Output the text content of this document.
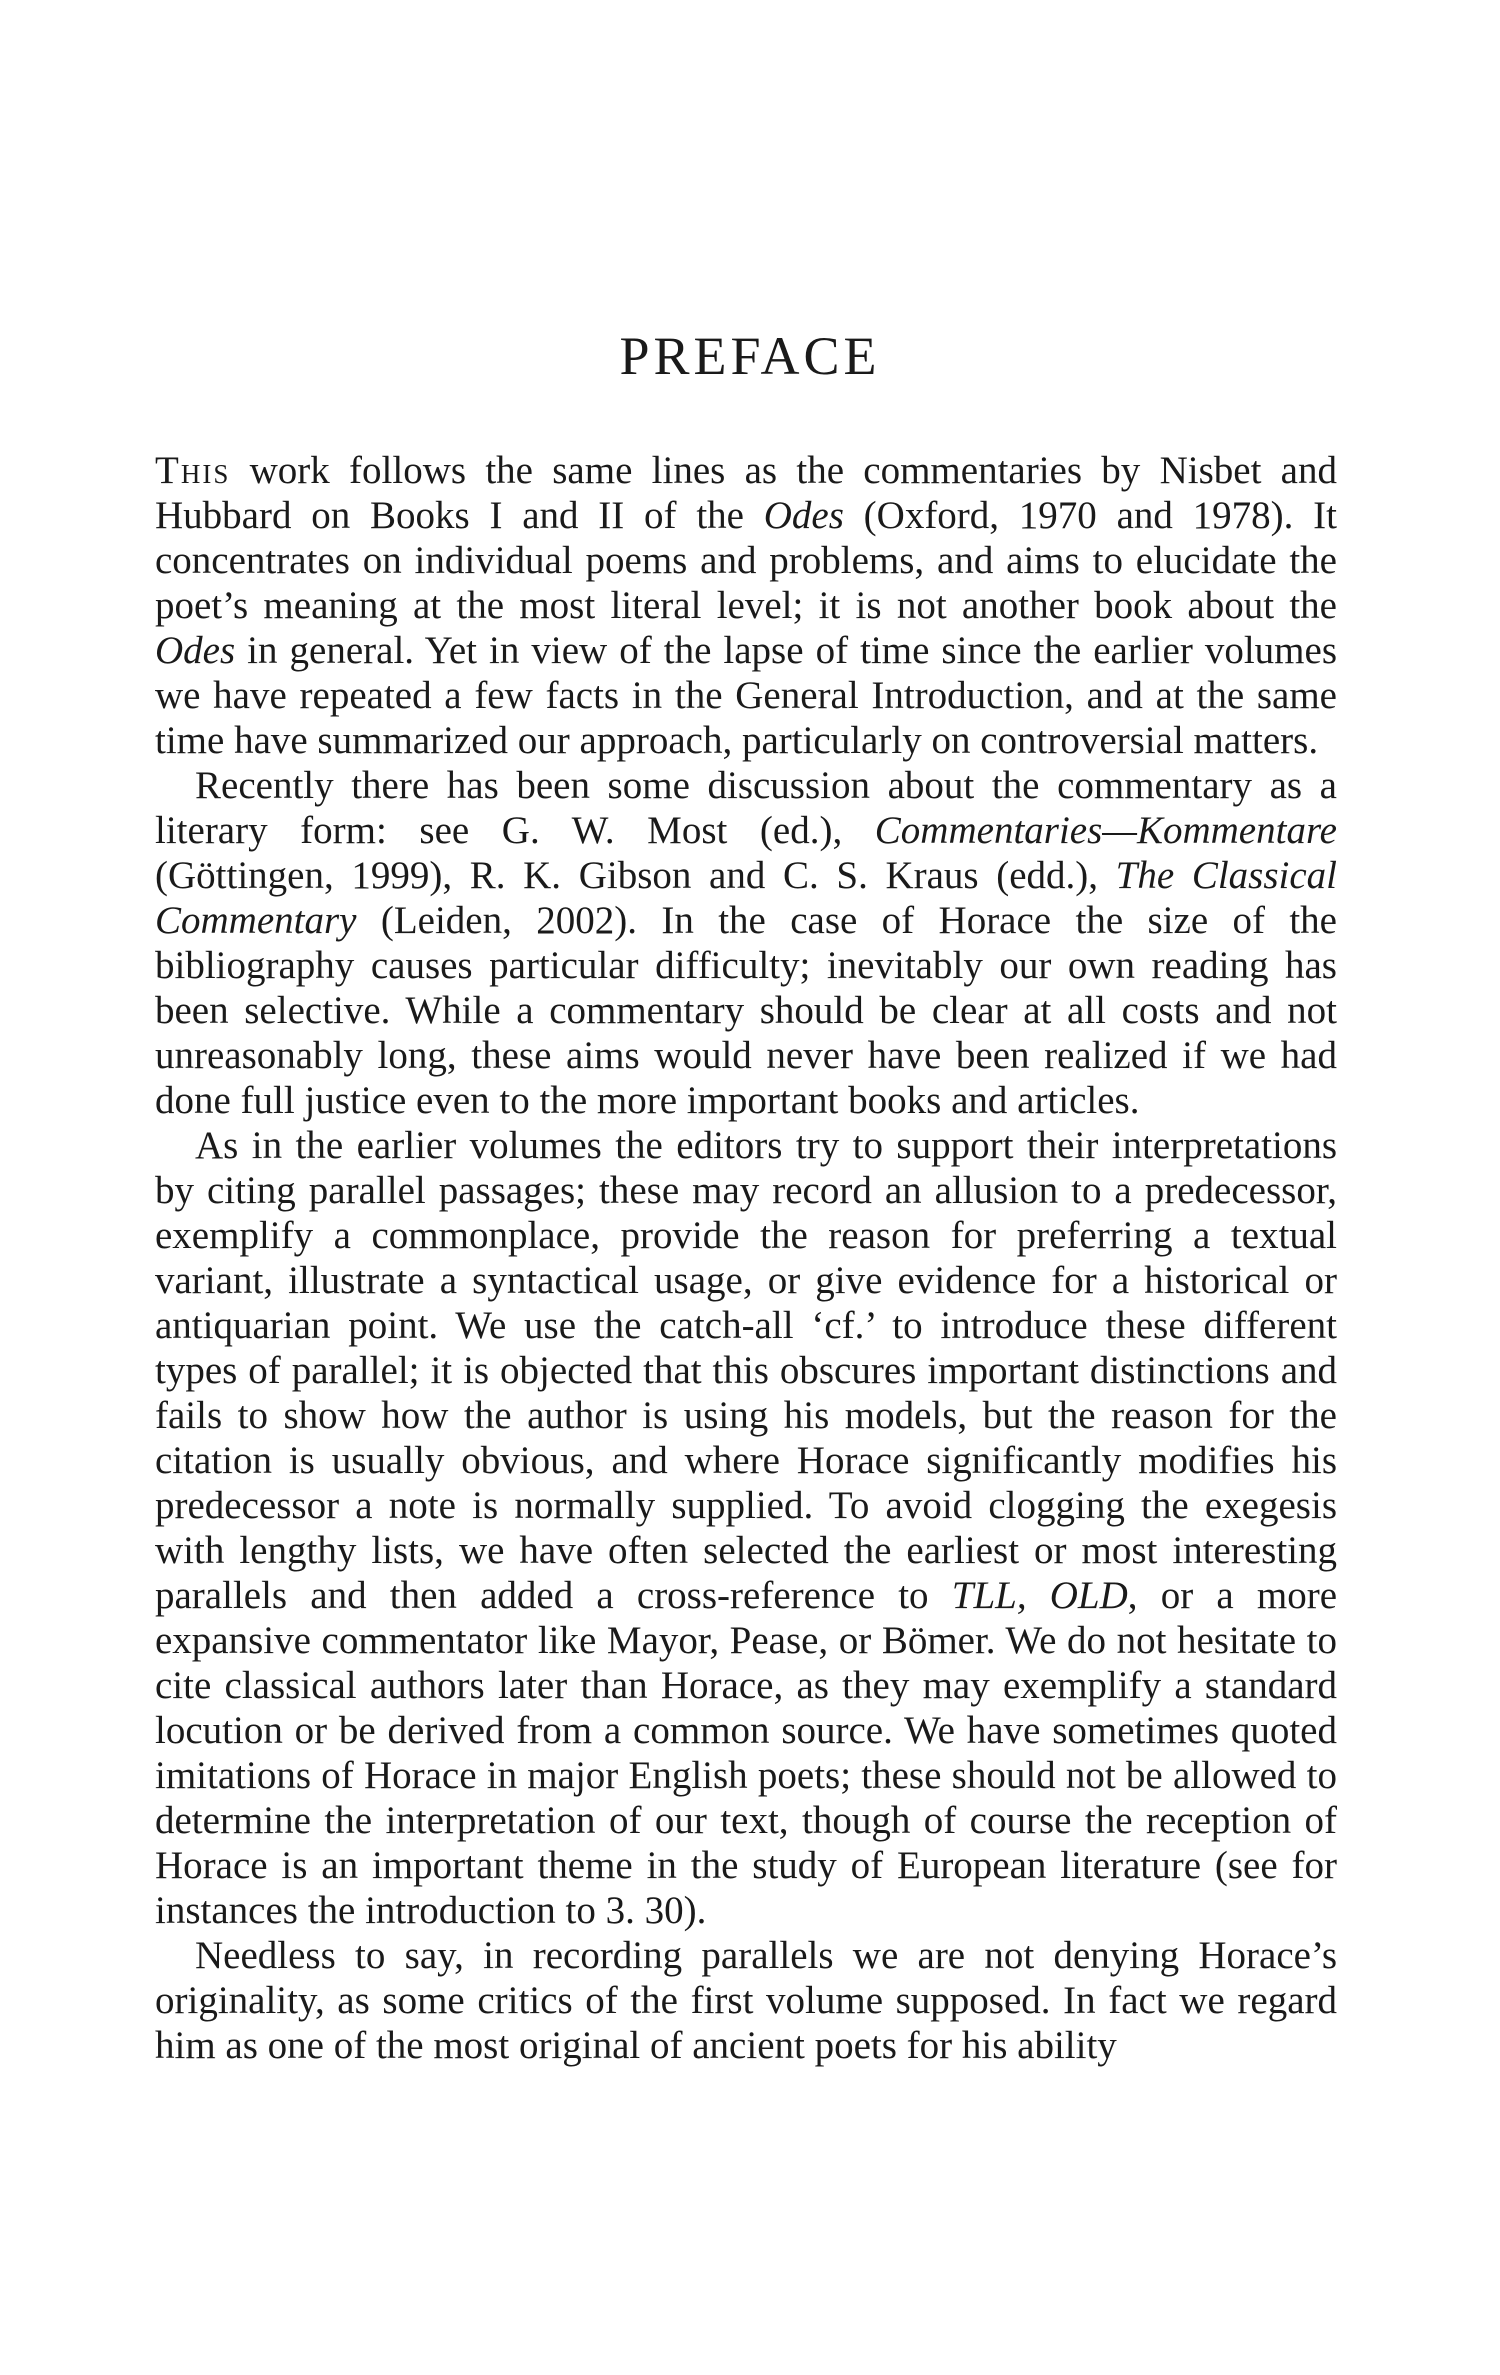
PREFACE

This work follows the same lines as the commentaries by Nisbet and Hubbard on Books I and II of the Odes (Oxford, 1970 and 1978). It concentrates on individual poems and problems, and aims to elucidate the poet’s meaning at the most literal level; it is not another book about the Odes in general. Yet in view of the lapse of time since the earlier volumes we have repeated a few facts in the General Introduction, and at the same time have summarized our approach, particularly on controversial matters.

Recently there has been some discussion about the commentary as a literary form: see G. W. Most (ed.), Commentaries—Kommentare (Göttingen, 1999), R. K. Gibson and C. S. Kraus (edd.), The Classical Commentary (Leiden, 2002). In the case of Horace the size of the bibliography causes particular difficulty; inevitably our own reading has been selective. While a commentary should be clear at all costs and not unreasonably long, these aims would never have been realized if we had done full justice even to the more important books and articles.

As in the earlier volumes the editors try to support their interpretations by citing parallel passages; these may record an allusion to a predecessor, exemplify a commonplace, provide the reason for preferring a textual variant, illustrate a syntactical usage, or give evidence for a historical or antiquarian point. We use the catch-all ‘cf.’ to introduce these different types of parallel; it is objected that this obscures important distinctions and fails to show how the author is using his models, but the reason for the citation is usually obvious, and where Horace significantly modifies his predecessor a note is normally supplied. To avoid clogging the exegesis with lengthy lists, we have often selected the earliest or most interesting parallels and then added a cross-reference to TLL, OLD, or a more expansive commentator like Mayor, Pease, or Bömer. We do not hesitate to cite classical authors later than Horace, as they may exemplify a standard locution or be derived from a common source. We have sometimes quoted imitations of Horace in major English poets; these should not be allowed to determine the interpretation of our text, though of course the reception of Horace is an important theme in the study of European literature (see for instances the introduction to 3. 30).

Needless to say, in recording parallels we are not denying Horace’s originality, as some critics of the first volume supposed. In fact we regard him as one of the most original of ancient poets for his ability
